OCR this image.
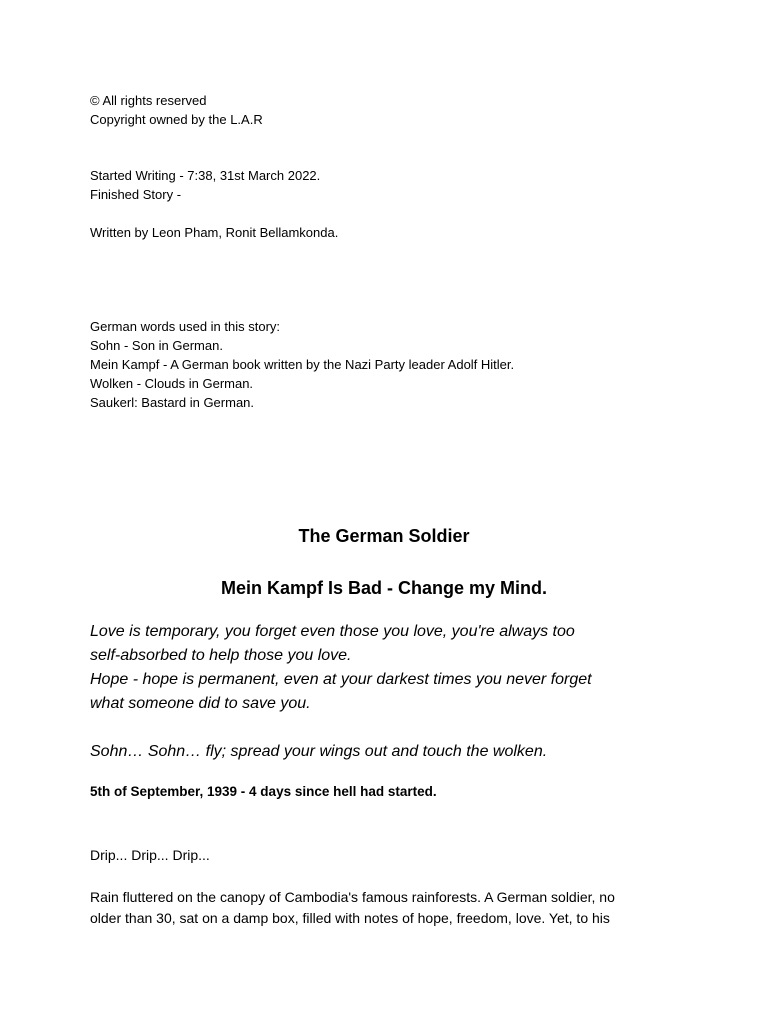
© All rights reserved

Copyright owned by the L.A.R

Started Writing - 7:38, 31st March 2022.

Finished Story -

Written by Leon Pham, Ronit Bellamkonda.

German words used in this story:

Sohn - Son in German.

Mein Kampf - A German book written by the Nazi Party leader Adolf Hitler.

Wolken - Clouds in German.

Saukerl: Bastard in German.

The German Soldier
Mein Kampf Is Bad - Change my Mind.

Love is temporary, you forget even those you love, you're always too

self-absorbed to help those you love.

Hope - hope is permanent, even at your darkest times you never forget

what someone did to save you.

Sohn… Sohn… fly; spread your wings out and touch the wolken.

5th of September, 1939 - 4 days since hell had started.

Drip... Drip... Drip...

Rain fluttered on the canopy of Cambodia's famous rainforests. A German soldier, no

older than 30, sat on a damp box, filled with notes of hope, freedom, love. Yet, to his
